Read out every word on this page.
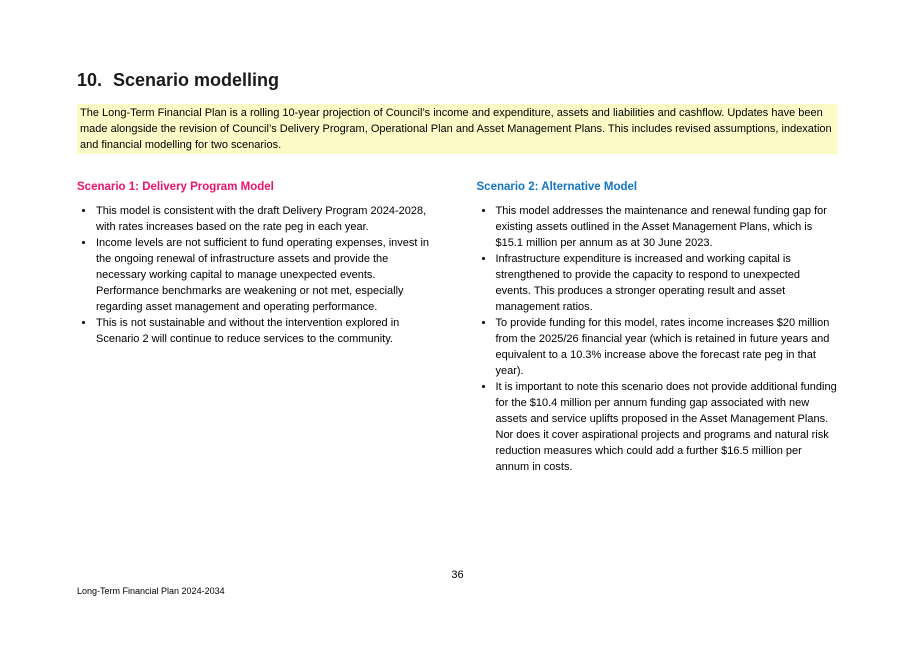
10. Scenario modelling

The Long-Term Financial Plan is a rolling 10-year projection of Council’s income and expenditure, assets and liabilities and cashflow. Updates have been made alongside the revision of Council’s Delivery Program, Operational Plan and Asset Management Plans. This includes revised assumptions, indexation and financial modelling for two scenarios.

Scenario 1: Delivery Program Model
• This model is consistent with the draft Delivery Program 2024-2028, with rates increases based on the rate peg in each year.
• Income levels are not sufficient to fund operating expenses, invest in the ongoing renewal of infrastructure assets and provide the necessary working capital to manage unexpected events. Performance benchmarks are weakening or not met, especially regarding asset management and operating performance.
• This is not sustainable and without the intervention explored in Scenario 2 will continue to reduce services to the community.
Scenario 2: Alternative Model
• This model addresses the maintenance and renewal funding gap for existing assets outlined in the Asset Management Plans, which is $15.1 million per annum as at 30 June 2023.
• Infrastructure expenditure is increased and working capital is strengthened to provide the capacity to respond to unexpected events. This produces a stronger operating result and asset management ratios.
• To provide funding for this model, rates income increases $20 million from the 2025/26 financial year (which is retained in future years and equivalent to a 10.3% increase above the forecast rate peg in that year).
• It is important to note this scenario does not provide additional funding for the $10.4 million per annum funding gap associated with new assets and service uplifts proposed in the Asset Management Plans. Nor does it cover aspirational projects and programs and natural risk reduction measures which could add a further $16.5 million per annum in costs.
36
Long-Term Financial Plan 2024-2034
